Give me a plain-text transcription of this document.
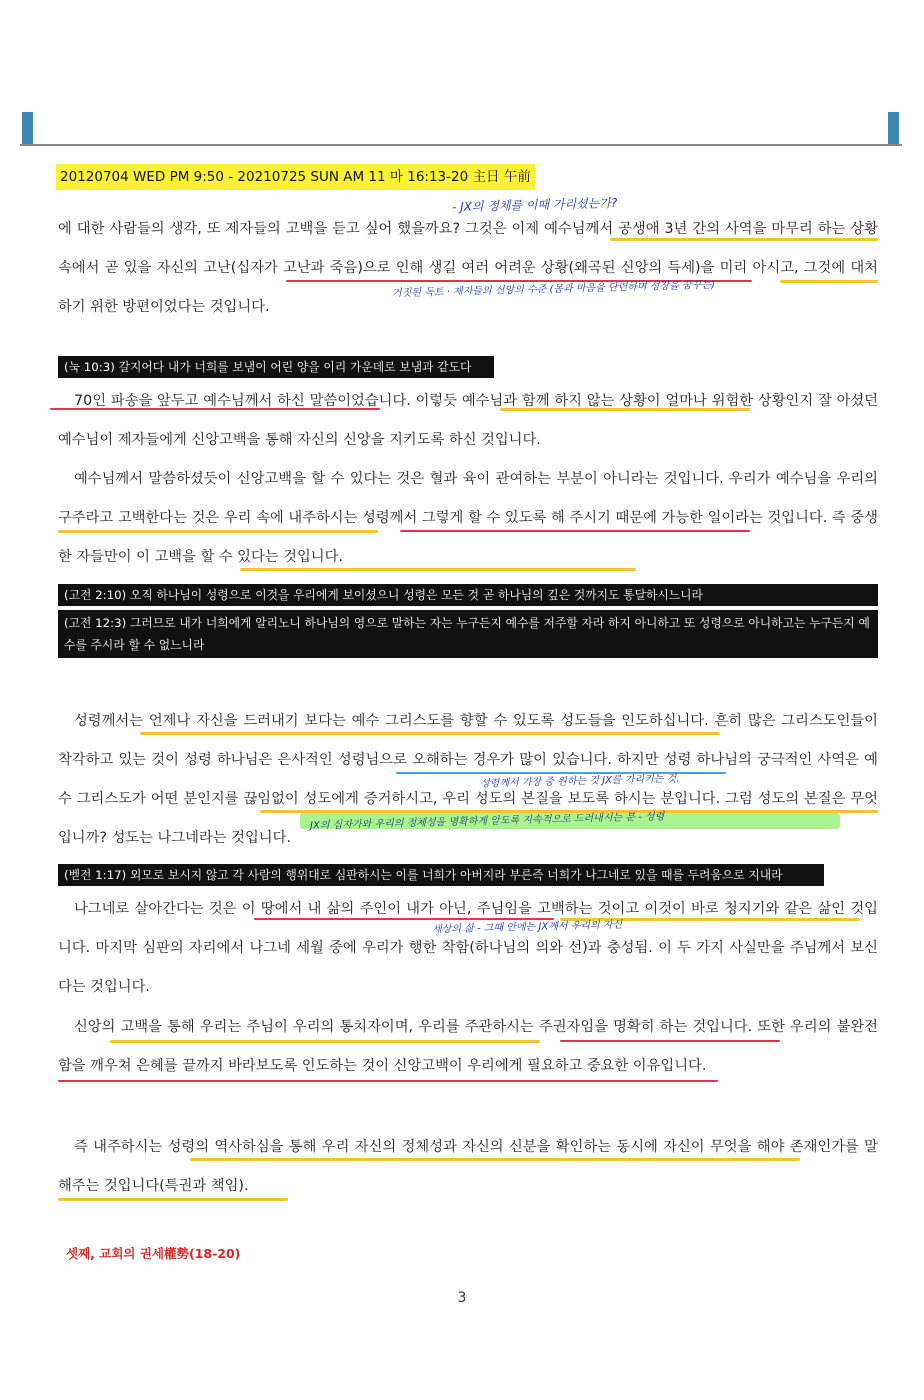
20120704 WED PM 9:50 - 20210725 SUN AM 11 마 16:13-20 主日 午前
- JX의 정체를 이때 가리셨는가?

에 대한 사람들의 생각, 또 제자들의 고백을 듣고 싶어 했을까요? 그것은 이제 예수님께서 공생애 3년 간의 사역을 마무리 하는 상황 속에서 곧 있을 자신의 고난(십자가 고난과 죽음)으로 인해 생길 여러 어려운 상황(왜곡된 신앙의 득세)을 미리 아시고, 그것에 대처하기 위한 방편이었다는 것입니다.

거짓된 독트 · 제자들의 신앙의 수준 (몸과 마음을 단련하며 성장을 꿈꾸는)
(눅 10:3) 갈지어다 내가 너희를 보냄이 어린 양을 이리 가운데로 보냄과 같도다

70인 파송을 앞두고 예수님께서 하신 말씀이었습니다. 이렇듯 예수님과 함께 하지 않는 상황이 얼마나 위험한 상황인지 잘 아셨던 예수님이 제자들에게 신앙고백을 통해 자신의 신앙을 지키도록 하신 것입니다.

예수님께서 말씀하셨듯이 신앙고백을 할 수 있다는 것은 혈과 육이 관여하는 부분이 아니라는 것입니다. 우리가 예수님을 우리의 구주라고 고백한다는 것은 우리 속에 내주하시는 성령께서 그렇게 할 수 있도록 해 주시기 때문에 가능한 일이라는 것입니다. 즉 중생한 자들만이 이 고백을 할 수 있다는 것입니다.

(고전 2:10) 오직 하나님이 성령으로 이것을 우리에게 보이셨으니 성령은 모든 것 곧 하나님의 깊은 것까지도 통달하시느니라
(고전 12:3) 그러므로 내가 너희에게 알리노니 하나님의 영으로 말하는 자는 누구든지 예수를 저주할 자라 하지 아니하고 또 성령으로 아니하고는 누구든지 예수를 주시라 할 수 없느니라

성령께서는 언제나 자신을 드러내기 보다는 예수 그리스도를 향할 수 있도록 성도들을 인도하십니다. 흔히 많은 그리스도인들이 착각하고 있는 것이 성령 하나님은 은사적인 성령님으로 오해하는 경우가 많이 있습니다. 하지만 성령 하나님의 궁극적인 사역은 예수 그리스도가 어떤 분인지를 끊임없이 성도에게 증거하시고, 우리 성도의 본질을 보도록 하시는 분입니다. 그럼 성도의 본질은 무엇입니까? 성도는 나그네라는 것입니다.

성령께서 가장 중 원하는 것 JX를 가리키는 것.
JX의 십자가와 우리의 정체성을 명확하게 알도록 지속적으로 드러내시는 분 - 성령
(벧전 1:17) 외모로 보시지 않고 각 사람의 행위대로 심판하시는 이를 너희가 아버지라 부른즉 너희가 나그네로 있을 때를 두려움으로 지내라

나그네로 살아간다는 것은 이 땅에서 내 삶의 주인이 내가 아닌, 주님임을 고백하는 것이고 이것이 바로 청지기와 같은 삶인 것입니다. 마지막 심판의 자리에서 나그네 세월 중에 우리가 행한 착함(하나님의 의와 선)과 충성됨. 이 두 가지 사실만을 주님께서 보신다는 것입니다.

세상의 삶 - 그때 안에는 JX께서 우리의 자신

신앙의 고백을 통해 우리는 주님이 우리의 통치자이며, 우리를 주관하시는 주권자임을 명확히 하는 것입니다. 또한 우리의 불완전함을 깨우쳐 은혜를 끝까지 바라보도록 인도하는 것이 신앙고백이 우리에게 필요하고 중요한 이유입니다.

즉 내주하시는 성령의 역사하심을 통해 우리 자신의 정체성과 자신의 신분을 확인하는 동시에 자신이 무엇을 해야 존재인가를 말해주는 것입니다(특권과 책임).

셋째, 교회의 권세權勢(18-20)
3
